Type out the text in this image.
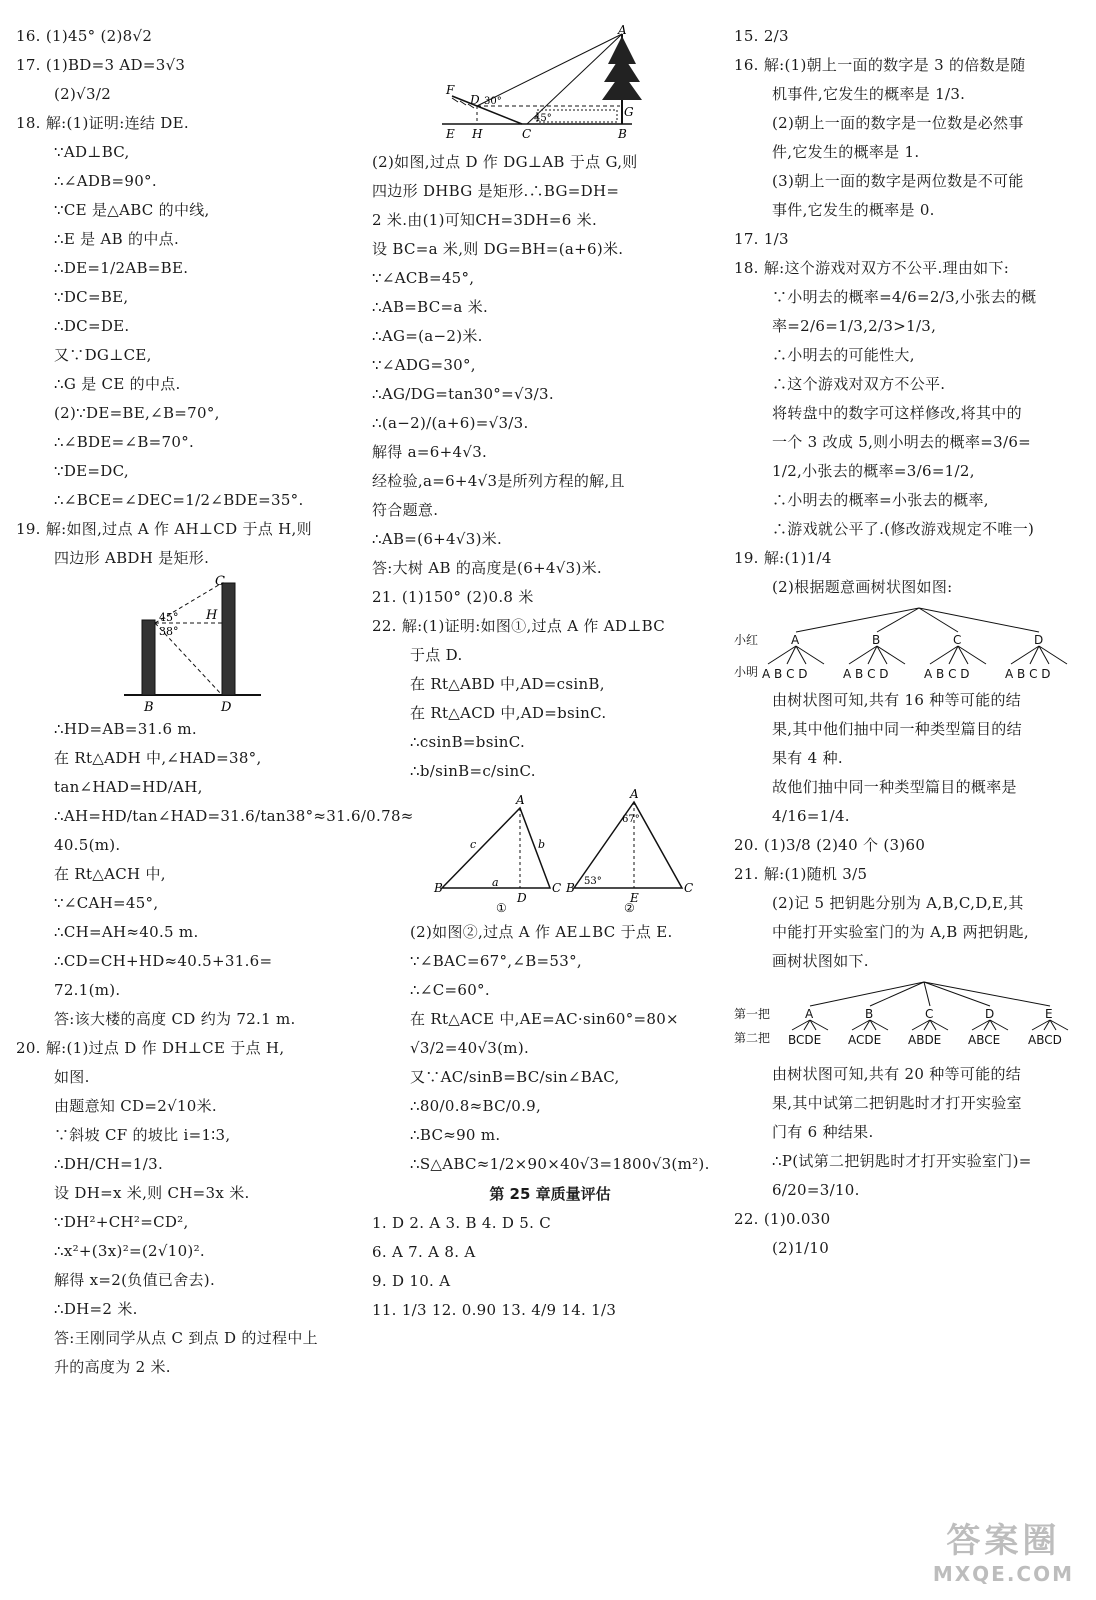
16. (1)45° (2)8√2
17. (1)BD=3 AD=3√3
(2)√3/2
18. 解:(1)证明:连结 DE.
∵AD⊥BC,
∴∠ADB=90°.
∵CE 是△ABC 的中线,
∴E 是 AB 的中点.
∴DE=1/2AB=BE.
∵DC=BE,
∴DC=DE.
又∵DG⊥CE,
∴G 是 CE 的中点.
(2)∵DE=BE,∠B=70°,
∴∠BDE=∠B=70°.
∵DE=DC,
∴∠BCE=∠DEC=1/2∠BDE=35°.
19. 解:如图,过点 A 作 AH⊥CD 于点 H,则
四边形 ABDH 是矩形.
C
H
B	D
45°
38°
∴HD=AB=31.6 m.
在 Rt△ADH 中,∠HAD=38°,
tan∠HAD=HD/AH,
∴AH=HD/tan∠HAD=31.6/tan38°≈31.6/0.78≈
40.5(m).
在 Rt△ACH 中,
∵∠CAH=45°,
∴CH=AH≈40.5 m.
∴CD=CH+HD≈40.5+31.6=
72.1(m).
答:该大楼的高度 CD 约为 72.1 m.
20. 解:(1)过点 D 作 DH⊥CE 于点 H,
如图.
由题意知 CD=2√10米.
∵斜坡 CF 的坡比 i=1∶3,
∴DH/CH=1/3.
设 DH=x 米,则 CH=3x 米.
∵DH²+CH²=CD²,
∴x²+(3x)²=(2√10)².
解得 x=2(负值已舍去).
∴DH=2 米.
答:王刚同学从点 C 到点 D 的过程中上
升的高度为 2 米.
A
B
C
D
E
F
G
H
30°
45°
(2)如图,过点 D 作 DG⊥AB 于点 G,则
四边形 DHBG 是矩形.∴BG=DH=
2 米.由(1)可知CH=3DH=6 米.
设 BC=a 米,则 DG=BH=(a+6)米.
∵∠ACB=45°,
∴AB=BC=a 米.
∴AG=(a−2)米.
∵∠ADG=30°,
∴AG/DG=tan30°=√3/3.
∴(a−2)/(a+6)=√3/3.
解得 a=6+4√3.
经检验,a=6+4√3是所列方程的解,且
符合题意.
∴AB=(6+4√3)米.
答:大树 AB 的高度是(6+4√3)米.
21. (1)150° (2)0.8 米
22. 解:(1)证明:如图①,过点 A 作 AD⊥BC
于点 D.
在 Rt△ABD 中,AD=csinB,
在 Rt△ACD 中,AD=bsinC.
∴csinB=bsinC.
∴b/sinB=c/sinC.
A
B	C
D
a
b
c
①
A
B	C
E
67°
53°
②
(2)如图②,过点 A 作 AE⊥BC 于点 E.
∵∠BAC=67°,∠B=53°,
∴∠C=60°.
在 Rt△ACE 中,AE=AC·sin60°=80×
√3/2=40√3(m).
又∵AC/sinB=BC/sin∠BAC,
∴80/0.8≈BC/0.9,
∴BC≈90 m.
∴S△ABC≈1/2×90×40√3=1800√3(m²).
第 25 章质量评估
1. D 2. A 3. B 4. D 5. C
6. A 7. A 8. A
9. D 10. A
11. 1/3 12. 0.90 13. 4/9 14. 1/3
15. 2/3
16. 解:(1)朝上一面的数字是 3 的倍数是随
机事件,它发生的概率是 1/3.
(2)朝上一面的数字是一位数是必然事
件,它发生的概率是 1.
(3)朝上一面的数字是两位数是不可能
事件,它发生的概率是 0.
17. 1/3
18. 解:这个游戏对双方不公平.理由如下:
∵小明去的概率=4/6=2/3,小张去的概
率=2/6=1/3,2/3>1/3,
∴小明去的可能性大,
∴这个游戏对双方不公平.
将转盘中的数字可这样修改,将其中的
一个 3 改成 5,则小明去的概率=3/6=
1/2,小张去的概率=3/6=1/2,
∴小明去的概率=小张去的概率,
∴游戏就公平了.(修改游戏规定不唯一)
19. 解:(1)1/4
(2)根据题意画树状图如图:
小红
小明
A	B	C	D
A B C D	A B C D	A B C D	A B C D
由树状图可知,共有 16 种等可能的结
果,其中他们抽中同一种类型篇目的结
果有 4 种.
故他们抽中同一种类型篇目的概率是
4/16=1/4.
20. (1)3/8 (2)40 个 (3)60
21. 解:(1)随机 3/5
(2)记 5 把钥匙分别为 A,B,C,D,E,其
中能打开实验室门的为 A,B 两把钥匙,
画树状图如下.
第一把
第二把
A	B	C	D	E
BCDE ACDE ABDE ABCE ABCD
由树状图可知,共有 20 种等可能的结
果,其中试第二把钥匙时才打开实验室
门有 6 种结果.
∴P(试第二把钥匙时才打开实验室门)=
6/20=3/10.
22. (1)0.030
(2)1/10
答案圈
MXQE.COM
